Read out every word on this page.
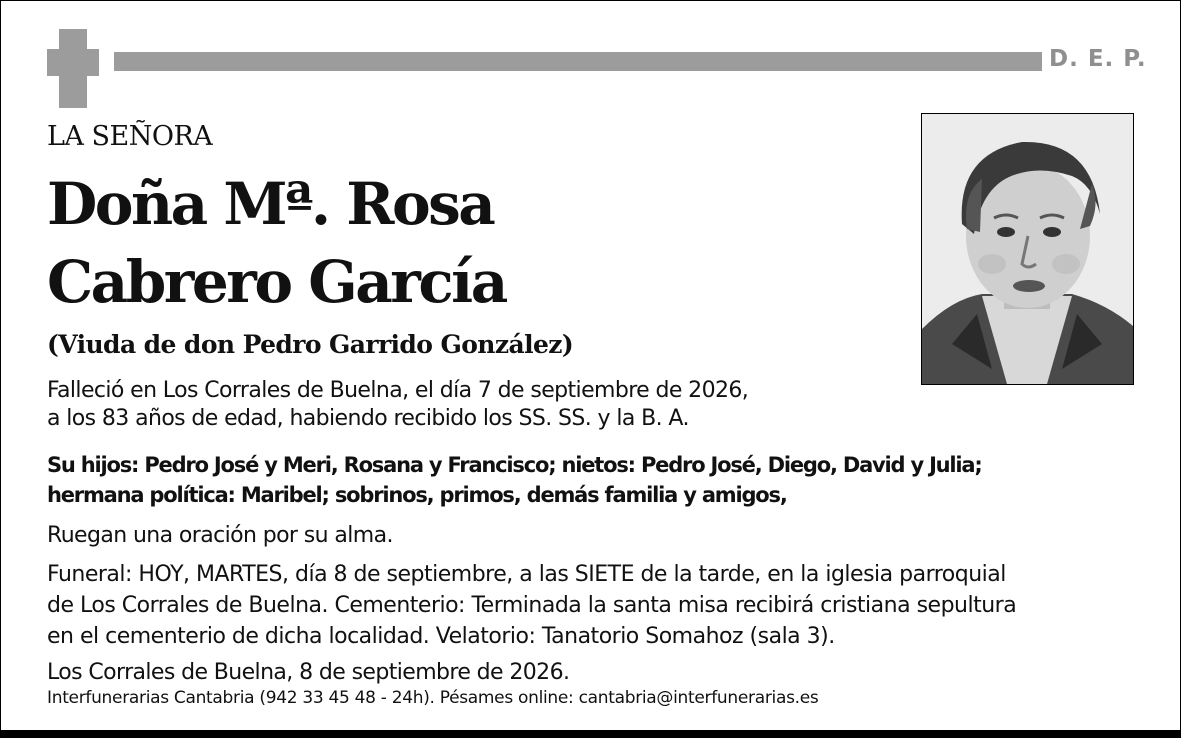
D. E. P.
LA SEÑORA
Doña Mª. Rosa
Cabrero García
(Viuda de don Pedro Garrido González)

Falleció en Los Corrales de Buelna, el día 7 de septiembre de 2026,
a los 83 años de edad, habiendo recibido los SS. SS. y la B. A.

Su hijos: Pedro José y Meri, Rosana y Francisco; nietos: Pedro José, Diego, David y Julia;
hermana política: Maribel; sobrinos, primos, demás familia y amigos,

Ruegan una oración por su alma.

Funeral: HOY, MARTES, día 8 de septiembre, a las SIETE de la tarde, en la iglesia parroquial
de Los Corrales de Buelna. Cementerio: Terminada la santa misa recibirá cristiana sepultura
en el cementerio de dicha localidad. Velatorio: Tanatorio Somahoz (sala 3).

Los Corrales de Buelna, 8 de septiembre de 2026.

Interfunerarias Cantabria (942 33 45 48 - 24h). Pésames online: cantabria@interfunerarias.es
